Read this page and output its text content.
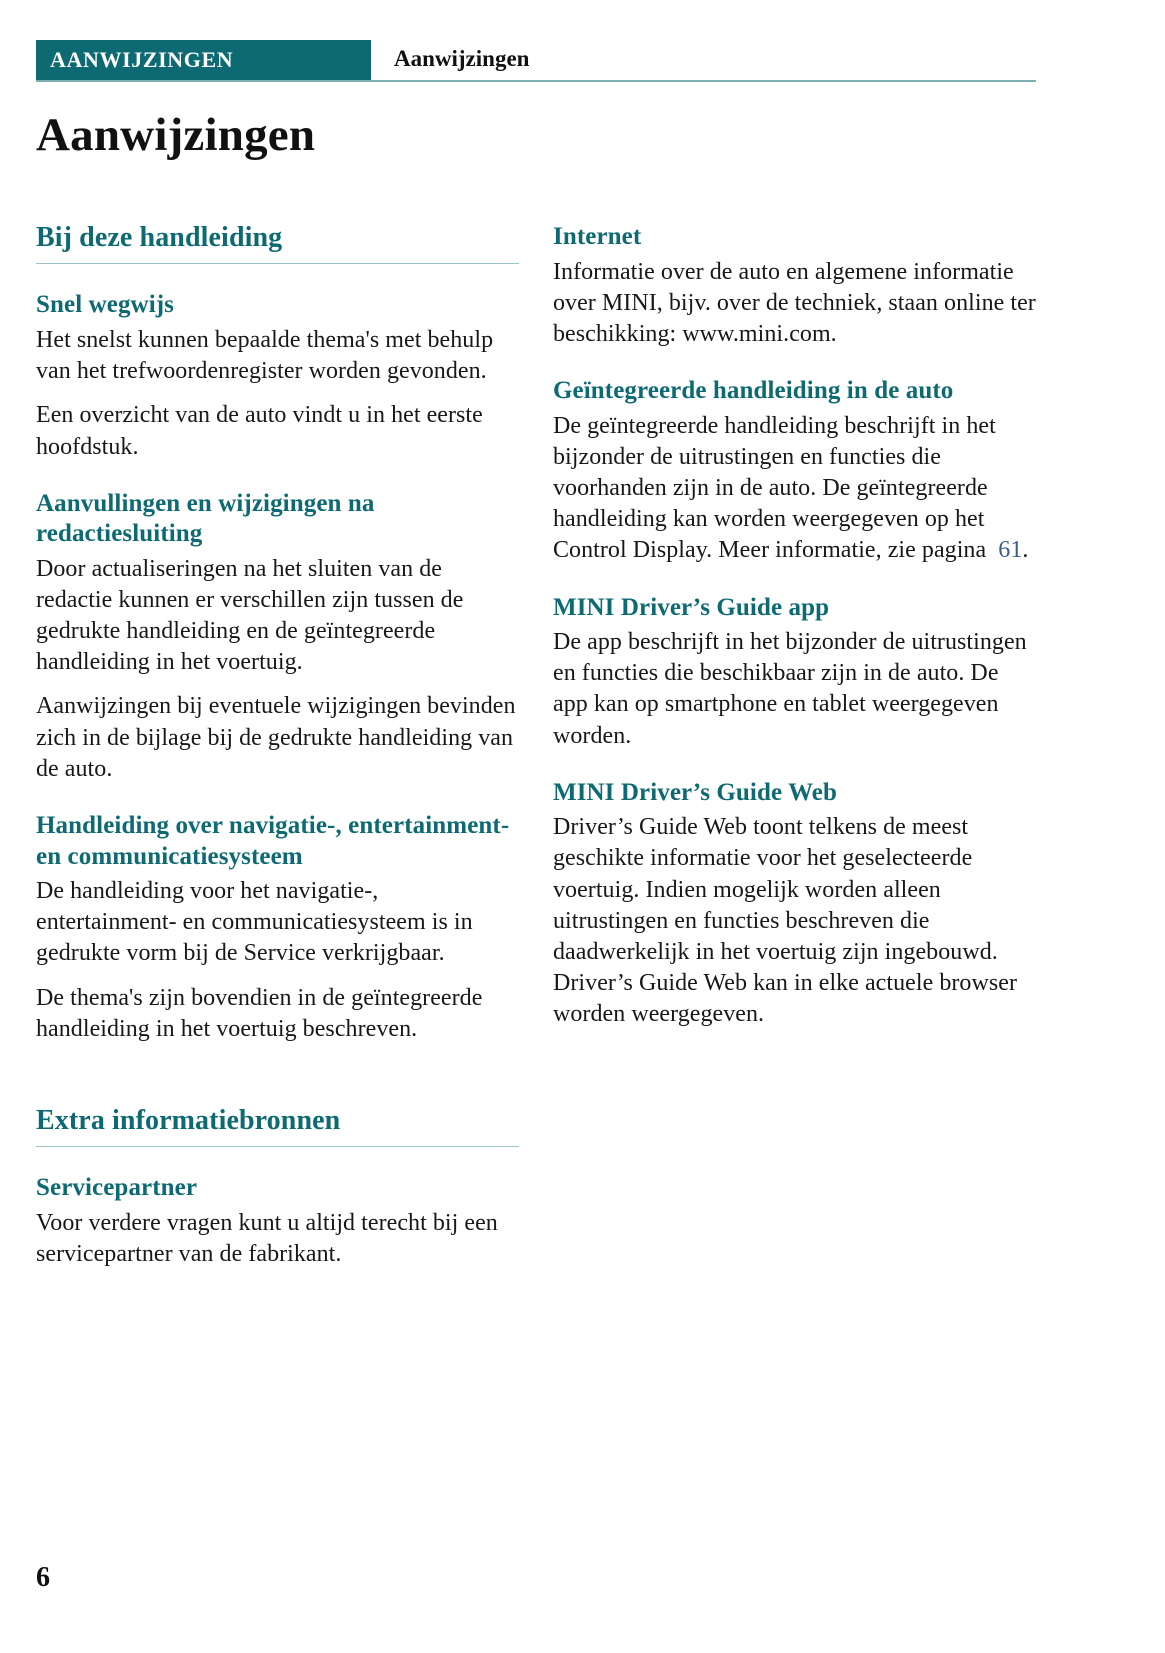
AANWIJZINGEN	Aanwijzingen
Aanwijzingen
Bij deze handleiding
Snel wegwijs

Het snelst kunnen bepaalde thema's met behulp van het trefwoordenregister worden gevonden.

Een overzicht van de auto vindt u in het eerste hoofdstuk.

Aanvullingen en wijzigingen na redactiesluiting

Door actualiseringen na het sluiten van de redactie kunnen er verschillen zijn tussen de gedrukte handleiding en de geïntegreerde handleiding in het voertuig.

Aanwijzingen bij eventuele wijzigingen bevinden zich in de bijlage bij de gedrukte handleiding van de auto.

Handleiding over navigatie-, entertainment- en communicatiesysteem

De handleiding voor het navigatie-, entertainment- en communicatiesysteem is in gedrukte vorm bij de Service verkrijgbaar.

De thema's zijn bovendien in de geïntegreerde handleiding in het voertuig beschreven.

Extra informatiebronnen
Servicepartner

Voor verdere vragen kunt u altijd terecht bij een servicepartner van de fabrikant.

Internet

Informatie over de auto en algemene informatie over MINI, bijv. over de techniek, staan online ter beschikking: www.mini.com.

Geïntegreerde handleiding in de auto

De geïntegreerde handleiding beschrijft in het bijzonder de uitrustingen en functies die voorhanden zijn in de auto. De geïntegreerde handleiding kan worden weergegeven op het Control Display. Meer informatie, zie pagina 61.

MINI Driver’s Guide app

De app beschrijft in het bijzonder de uitrustingen en functies die beschikbaar zijn in de auto. De app kan op smartphone en tablet weergegeven worden.

MINI Driver’s Guide Web

Driver’s Guide Web toont telkens de meest geschikte informatie voor het geselecteerde voertuig. Indien mogelijk worden alleen uitrustingen en functies beschreven die daadwerkelijk in het voertuig zijn ingebouwd. Driver’s Guide Web kan in elke actuele browser worden weergegeven.

6
